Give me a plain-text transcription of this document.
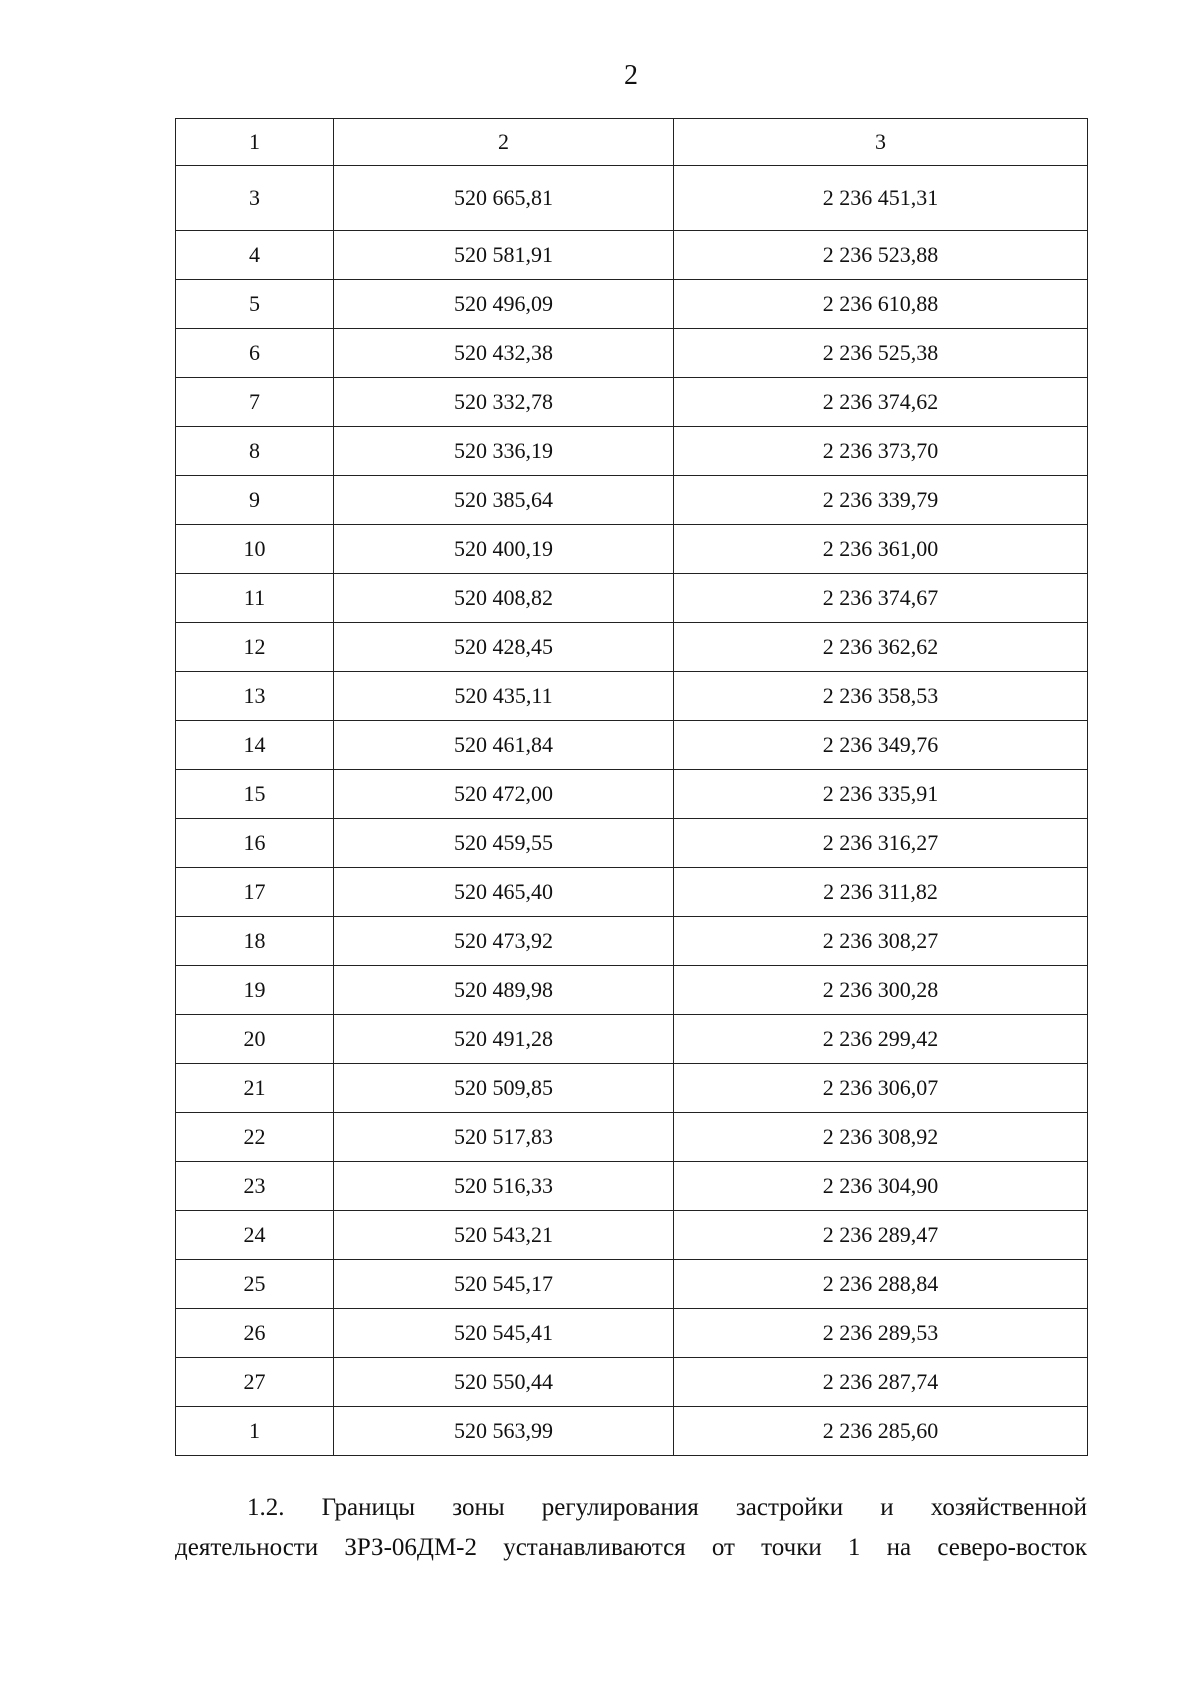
2
1	2	3
3	520 665,81	2 236 451,31
4	520 581,91	2 236 523,88
5	520 496,09	2 236 610,88
6	520 432,38	2 236 525,38
7	520 332,78	2 236 374,62
8	520 336,19	2 236 373,70
9	520 385,64	2 236 339,79
10	520 400,19	2 236 361,00
11	520 408,82	2 236 374,67
12	520 428,45	2 236 362,62
13	520 435,11	2 236 358,53
14	520 461,84	2 236 349,76
15	520 472,00	2 236 335,91
16	520 459,55	2 236 316,27
17	520 465,40	2 236 311,82
18	520 473,92	2 236 308,27
19	520 489,98	2 236 300,28
20	520 491,28	2 236 299,42
21	520 509,85	2 236 306,07
22	520 517,83	2 236 308,92
23	520 516,33	2 236 304,90
24	520 543,21	2 236 289,47
25	520 545,17	2 236 288,84
26	520 545,41	2 236 289,53
27	520 550,44	2 236 287,74
1	520 563,99	2 236 285,60
1.2. Границы зоны регулирования застройки и хозяйственной
деятельности ЗРЗ-06ДМ-2 устанавливаются от точки 1 на северо-восток
